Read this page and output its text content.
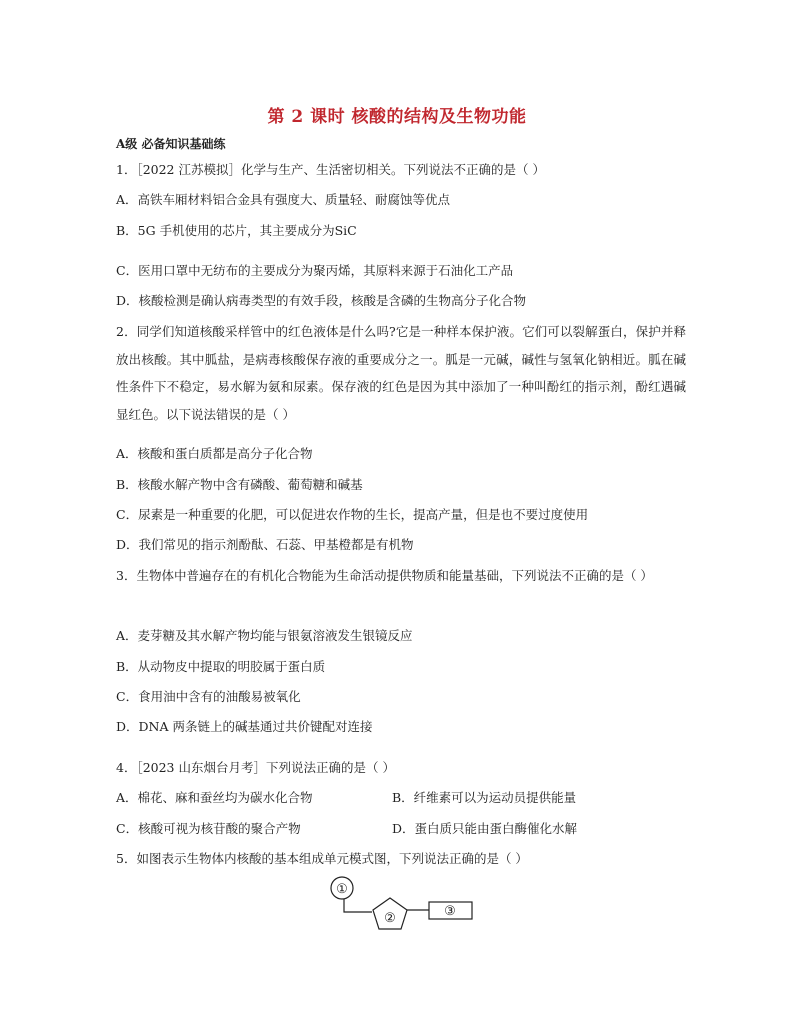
第 2 课时 核酸的结构及生物功能
A级 必备知识基础练
1．［2022 江苏模拟］化学与生产、生活密切相关。下列说法不正确的是（ ）
A．高铁车厢材料铝合金具有强度大、质量轻、耐腐蚀等优点
B．5G 手机使用的芯片，其主要成分为SiC
C．医用口罩中无纺布的主要成分为聚丙烯，其原料来源于石油化工产品
D．核酸检测是确认病毒类型的有效手段，核酸是含磷的生物高分子化合物
2．同学们知道核酸采样管中的红色液体是什么吗?它是一种样本保护液。它们可以裂解蛋白，保护并释放出核酸。其中胍盐，是病毒核酸保存液的重要成分之一。胍是一元碱，碱性与氢氧化钠相近。胍在碱性条件下不稳定，易水解为氨和尿素。保存液的红色是因为其中添加了一种叫酚红的指示剂，酚红遇碱显红色。以下说法错误的是（ ）
A．核酸和蛋白质都是高分子化合物
B．核酸水解产物中含有磷酸、葡萄糖和碱基
C．尿素是一种重要的化肥，可以促进农作物的生长，提高产量，但是也不要过度使用
D．我们常见的指示剂酚酞、石蕊、甲基橙都是有机物
3．生物体中普遍存在的有机化合物能为生命活动提供物质和能量基础，下列说法不正确的是（ ）
A．麦芽糖及其水解产物均能与银氨溶液发生银镜反应
B．从动物皮中提取的明胶属于蛋白质
C．食用油中含有的油酸易被氧化
D．DNA 两条链上的碱基通过共价键配对连接
4．［2023 山东烟台月考］下列说法正确的是（ ）
A．棉花、麻和蚕丝均为碳水化合物	B．纤维素可以为运动员提供能量
C．核酸可视为核苷酸的聚合产物	D．蛋白质只能由蛋白酶催化水解
5．如图表示生物体内核酸的基本组成单元模式图，下列说法正确的是（ ）
①
②	③
